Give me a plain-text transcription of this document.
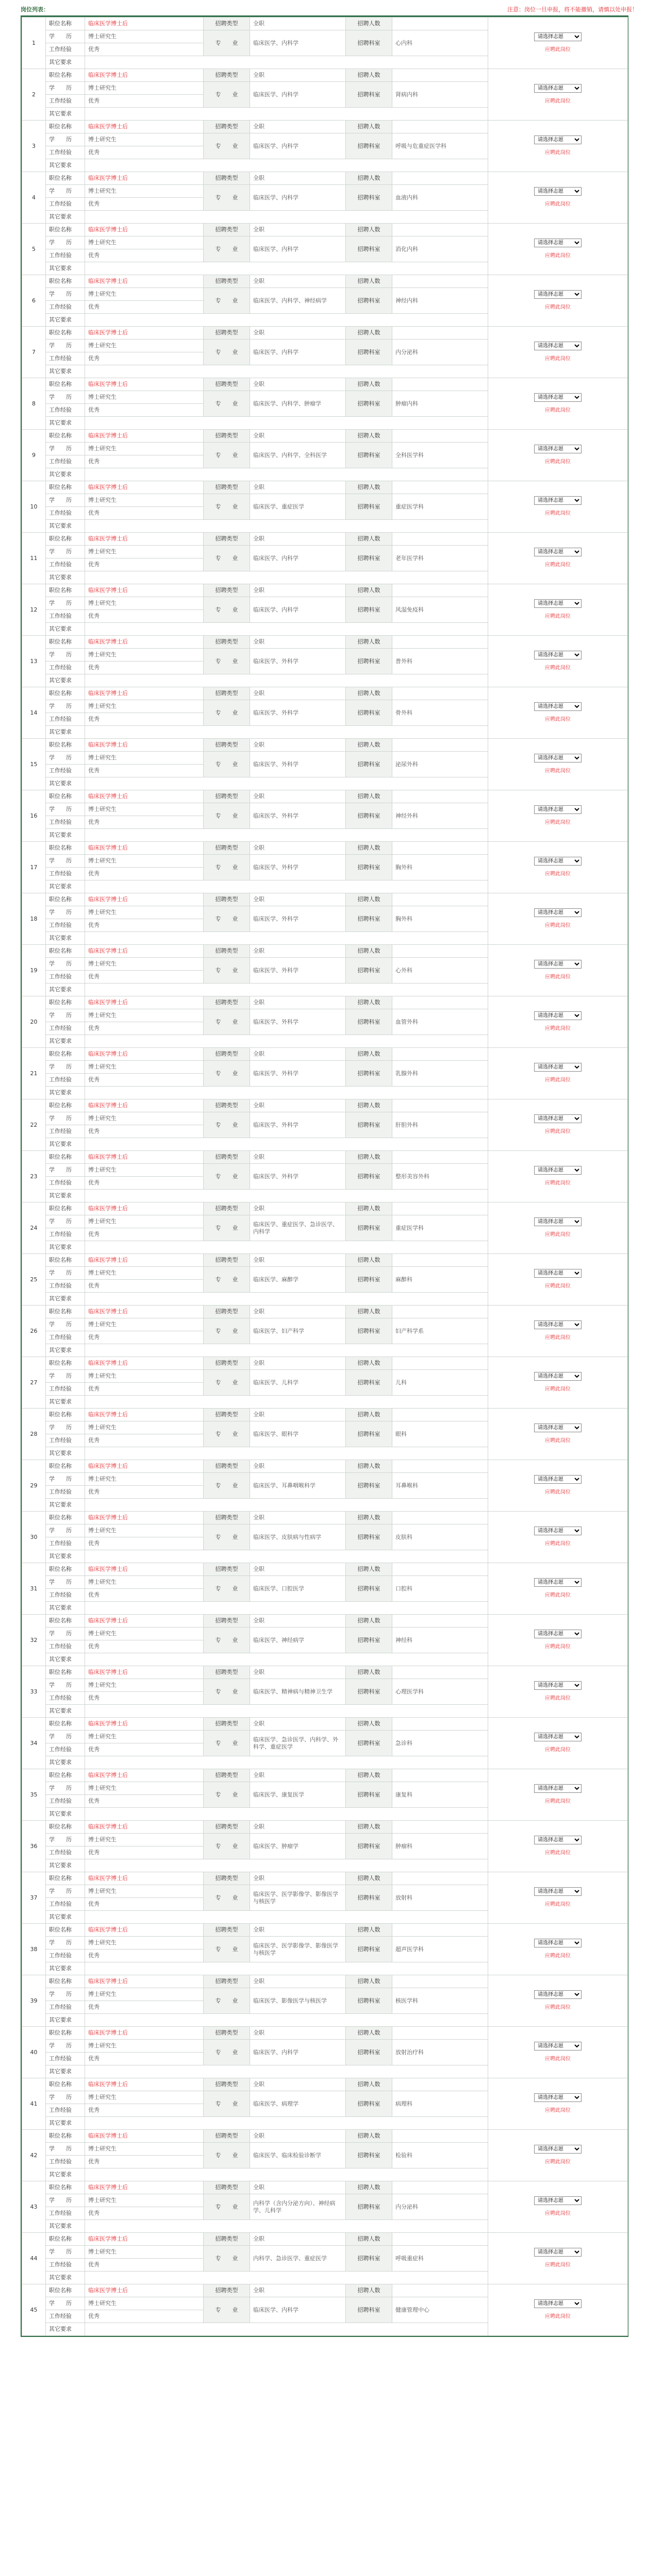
岗位列表：	注意：岗位一旦申报，将不能撤销，请慎以处申报！
1	职位名称	临床医学博士后	招聘类型	全职	招聘人数		
请选择志愿
应聘此岗位

	学　　历	博士研究生	专　　业	临床医学、内科学	招聘科室	心内科	
	工作经验	优秀					
	其它要求						
2	职位名称	临床医学博士后	招聘类型	全职	招聘人数		
请选择志愿
应聘此岗位

	学　　历	博士研究生	专　　业	临床医学、内科学	招聘科室	肾病内科	
	工作经验	优秀					
	其它要求						
3	职位名称	临床医学博士后	招聘类型	全职	招聘人数		
请选择志愿
应聘此岗位

	学　　历	博士研究生	专　　业	临床医学、内科学	招聘科室	呼吸与危重症医学科	
	工作经验	优秀					
	其它要求						
4	职位名称	临床医学博士后	招聘类型	全职	招聘人数		
请选择志愿
应聘此岗位

	学　　历	博士研究生	专　　业	临床医学、内科学	招聘科室	血液内科	
	工作经验	优秀					
	其它要求						
5	职位名称	临床医学博士后	招聘类型	全职	招聘人数		
请选择志愿
应聘此岗位

	学　　历	博士研究生	专　　业	临床医学、内科学	招聘科室	消化内科	
	工作经验	优秀					
	其它要求						
6	职位名称	临床医学博士后	招聘类型	全职	招聘人数		
请选择志愿
应聘此岗位

	学　　历	博士研究生	专　　业	临床医学、内科学、神经病学	招聘科室	神经内科	
	工作经验	优秀					
	其它要求						
7	职位名称	临床医学博士后	招聘类型	全职	招聘人数		
请选择志愿
应聘此岗位

	学　　历	博士研究生	专　　业	临床医学、内科学	招聘科室	内分泌科	
	工作经验	优秀					
	其它要求						
8	职位名称	临床医学博士后	招聘类型	全职	招聘人数		
请选择志愿
应聘此岗位

	学　　历	博士研究生	专　　业	临床医学、内科学、肿瘤学	招聘科室	肿瘤内科	
	工作经验	优秀					
	其它要求						
9	职位名称	临床医学博士后	招聘类型	全职	招聘人数		
请选择志愿
应聘此岗位

	学　　历	博士研究生	专　　业	临床医学、内科学、全科医学	招聘科室	全科医学科	
	工作经验	优秀					
	其它要求						
10	职位名称	临床医学博士后	招聘类型	全职	招聘人数		
请选择志愿
应聘此岗位

	学　　历	博士研究生	专　　业	临床医学、重症医学	招聘科室	重症医学科	
	工作经验	优秀					
	其它要求						
11	职位名称	临床医学博士后	招聘类型	全职	招聘人数		
请选择志愿
应聘此岗位

	学　　历	博士研究生	专　　业	临床医学、内科学	招聘科室	老年医学科	
	工作经验	优秀					
	其它要求						
12	职位名称	临床医学博士后	招聘类型	全职	招聘人数		
请选择志愿
应聘此岗位

	学　　历	博士研究生	专　　业	临床医学、内科学	招聘科室	风湿免疫科	
	工作经验	优秀					
	其它要求						
13	职位名称	临床医学博士后	招聘类型	全职	招聘人数		
请选择志愿
应聘此岗位

	学　　历	博士研究生	专　　业	临床医学、外科学	招聘科室	普外科	
	工作经验	优秀					
	其它要求						
14	职位名称	临床医学博士后	招聘类型	全职	招聘人数		
请选择志愿
应聘此岗位

	学　　历	博士研究生	专　　业	临床医学、外科学	招聘科室	骨外科	
	工作经验	优秀					
	其它要求						
15	职位名称	临床医学博士后	招聘类型	全职	招聘人数		
请选择志愿
应聘此岗位

	学　　历	博士研究生	专　　业	临床医学、外科学	招聘科室	泌尿外科	
	工作经验	优秀					
	其它要求						
16	职位名称	临床医学博士后	招聘类型	全职	招聘人数		
请选择志愿
应聘此岗位

	学　　历	博士研究生	专　　业	临床医学、外科学	招聘科室	神经外科	
	工作经验	优秀					
	其它要求						
17	职位名称	临床医学博士后	招聘类型	全职	招聘人数		
请选择志愿
应聘此岗位

	学　　历	博士研究生	专　　业	临床医学、外科学	招聘科室	胸外科	
	工作经验	优秀					
	其它要求						
18	职位名称	临床医学博士后	招聘类型	全职	招聘人数		
请选择志愿
应聘此岗位

	学　　历	博士研究生	专　　业	临床医学、外科学	招聘科室	胸外科	
	工作经验	优秀					
	其它要求						
19	职位名称	临床医学博士后	招聘类型	全职	招聘人数		
请选择志愿
应聘此岗位

	学　　历	博士研究生	专　　业	临床医学、外科学	招聘科室	心外科	
	工作经验	优秀					
	其它要求						
20	职位名称	临床医学博士后	招聘类型	全职	招聘人数		
请选择志愿
应聘此岗位

	学　　历	博士研究生	专　　业	临床医学、外科学	招聘科室	血管外科	
	工作经验	优秀					
	其它要求						
21	职位名称	临床医学博士后	招聘类型	全职	招聘人数		
请选择志愿
应聘此岗位

	学　　历	博士研究生	专　　业	临床医学、外科学	招聘科室	乳腺外科	
	工作经验	优秀					
	其它要求						
22	职位名称	临床医学博士后	招聘类型	全职	招聘人数		
请选择志愿
应聘此岗位

	学　　历	博士研究生	专　　业	临床医学、外科学	招聘科室	肝胆外科	
	工作经验	优秀					
	其它要求						
23	职位名称	临床医学博士后	招聘类型	全职	招聘人数		
请选择志愿
应聘此岗位

	学　　历	博士研究生	专　　业	临床医学、外科学	招聘科室	整形美容外科	
	工作经验	优秀					
	其它要求						
24	职位名称	临床医学博士后	招聘类型	全职	招聘人数		
请选择志愿
应聘此岗位

	学　　历	博士研究生	专　　业	临床医学、重症医学、急诊医学、内科学	招聘科室	重症医学科	
	工作经验	优秀					
	其它要求						
25	职位名称	临床医学博士后	招聘类型	全职	招聘人数		
请选择志愿
应聘此岗位

	学　　历	博士研究生	专　　业	临床医学、麻醉学	招聘科室	麻醉科	
	工作经验	优秀					
	其它要求						
26	职位名称	临床医学博士后	招聘类型	全职	招聘人数		
请选择志愿
应聘此岗位

	学　　历	博士研究生	专　　业	临床医学、妇产科学	招聘科室	妇产科学系	
	工作经验	优秀					
	其它要求						
27	职位名称	临床医学博士后	招聘类型	全职	招聘人数		
请选择志愿
应聘此岗位

	学　　历	博士研究生	专　　业	临床医学、儿科学	招聘科室	儿科	
	工作经验	优秀					
	其它要求						
28	职位名称	临床医学博士后	招聘类型	全职	招聘人数		
请选择志愿
应聘此岗位

	学　　历	博士研究生	专　　业	临床医学、眼科学	招聘科室	眼科	
	工作经验	优秀					
	其它要求						
29	职位名称	临床医学博士后	招聘类型	全职	招聘人数		
请选择志愿
应聘此岗位

	学　　历	博士研究生	专　　业	临床医学、耳鼻咽喉科学	招聘科室	耳鼻喉科	
	工作经验	优秀					
	其它要求						
30	职位名称	临床医学博士后	招聘类型	全职	招聘人数		
请选择志愿
应聘此岗位

	学　　历	博士研究生	专　　业	临床医学、皮肤病与性病学	招聘科室	皮肤科	
	工作经验	优秀					
	其它要求						
31	职位名称	临床医学博士后	招聘类型	全职	招聘人数		
请选择志愿
应聘此岗位

	学　　历	博士研究生	专　　业	临床医学、口腔医学	招聘科室	口腔科	
	工作经验	优秀					
	其它要求						
32	职位名称	临床医学博士后	招聘类型	全职	招聘人数		
请选择志愿
应聘此岗位

	学　　历	博士研究生	专　　业	临床医学、神经病学	招聘科室	神经科	
	工作经验	优秀					
	其它要求						
33	职位名称	临床医学博士后	招聘类型	全职	招聘人数		
请选择志愿
应聘此岗位

	学　　历	博士研究生	专　　业	临床医学、精神病与精神卫生学	招聘科室	心理医学科	
	工作经验	优秀					
	其它要求						
34	职位名称	临床医学博士后	招聘类型	全职	招聘人数		
请选择志愿
应聘此岗位

	学　　历	博士研究生	专　　业	临床医学、急诊医学、内科学、外科学、重症医学	招聘科室	急诊科	
	工作经验	优秀					
	其它要求						
35	职位名称	临床医学博士后	招聘类型	全职	招聘人数		
请选择志愿
应聘此岗位

	学　　历	博士研究生	专　　业	临床医学、康复医学	招聘科室	康复科	
	工作经验	优秀					
	其它要求						
36	职位名称	临床医学博士后	招聘类型	全职	招聘人数		
请选择志愿
应聘此岗位

	学　　历	博士研究生	专　　业	临床医学、肿瘤学	招聘科室	肿瘤科	
	工作经验	优秀					
	其它要求						
37	职位名称	临床医学博士后	招聘类型	全职	招聘人数		
请选择志愿
应聘此岗位

	学　　历	博士研究生	专　　业	临床医学、医学影像学、影像医学与核医学	招聘科室	放射科	
	工作经验	优秀					
	其它要求						
38	职位名称	临床医学博士后	招聘类型	全职	招聘人数		
请选择志愿
应聘此岗位

	学　　历	博士研究生	专　　业	临床医学、医学影像学、影像医学与核医学	招聘科室	超声医学科	
	工作经验	优秀					
	其它要求						
39	职位名称	临床医学博士后	招聘类型	全职	招聘人数		
请选择志愿
应聘此岗位

	学　　历	博士研究生	专　　业	临床医学、影像医学与核医学	招聘科室	核医学科	
	工作经验	优秀					
	其它要求						
40	职位名称	临床医学博士后	招聘类型	全职	招聘人数		
请选择志愿
应聘此岗位

	学　　历	博士研究生	专　　业	临床医学、内科学	招聘科室	放射治疗科	
	工作经验	优秀					
	其它要求						
41	职位名称	临床医学博士后	招聘类型	全职	招聘人数		
请选择志愿
应聘此岗位

	学　　历	博士研究生	专　　业	临床医学、病理学	招聘科室	病理科	
	工作经验	优秀					
	其它要求						
42	职位名称	临床医学博士后	招聘类型	全职	招聘人数		
请选择志愿
应聘此岗位

	学　　历	博士研究生	专　　业	临床医学、临床检验诊断学	招聘科室	检验科	
	工作经验	优秀					
	其它要求						
43	职位名称	临床医学博士后	招聘类型	全职	招聘人数		
请选择志愿
应聘此岗位

	学　　历	博士研究生	专　　业	内科学（含内分泌方向）、神经病学、儿科学	招聘科室	内分泌科	
	工作经验	优秀					
	其它要求						
44	职位名称	临床医学博士后	招聘类型	全职	招聘人数		
请选择志愿
应聘此岗位

	学　　历	博士研究生	专　　业	内科学、急诊医学、重症医学	招聘科室	呼吸重症科	
	工作经验	优秀					
	其它要求						
45	职位名称	临床医学博士后	招聘类型	全职	招聘人数		
请选择志愿
应聘此岗位

	学　　历	博士研究生	专　　业	临床医学、内科学	招聘科室	健康管理中心	
	工作经验	优秀					
	其它要求						
